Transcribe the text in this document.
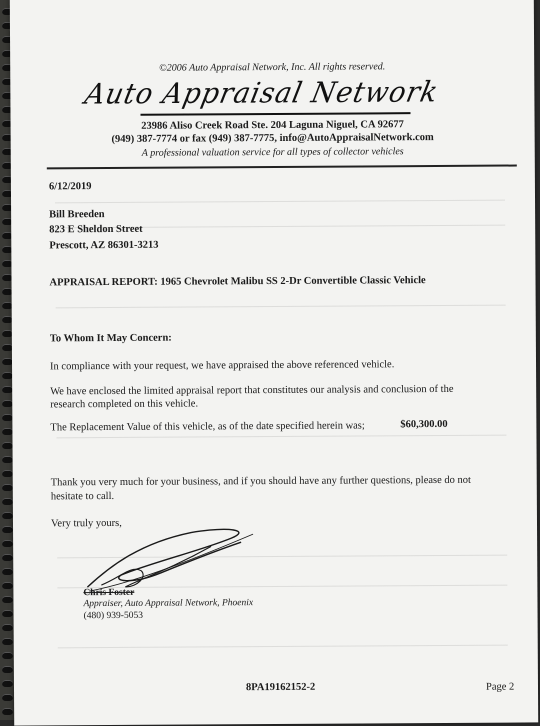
©2006 Auto Appraisal Network, Inc. All rights reserved.
Auto Appraisal Network
23986 Aliso Creek Road Ste. 204 Laguna Niguel, CA 92677
(949) 387-7774 or fax (949) 387-7775, info@AutoAppraisalNetwork.com
A professional valuation service for all types of collector vehicles
6/12/2019
Bill Breeden
823 E Sheldon Street
Prescott, AZ 86301-3213
APPRAISAL REPORT: 1965 Chevrolet Malibu SS 2-Dr Convertible Classic Vehicle
To Whom It May Concern:
In compliance with your request, we have appraised the above referenced vehicle.
We have enclosed the limited appraisal report that constitutes our analysis and conclusion of the
research completed on this vehicle.
The Replacement Value of this vehicle, as of the date specified herein was;	$60,300.00
Thank you very much for your business, and if you should have any further questions, please do not
hesitate to call.
Very truly yours,
Chris Foster
Appraiser, Auto Appraisal Network, Phoenix
(480) 939-5053
8PA19162152-2	Page 2
